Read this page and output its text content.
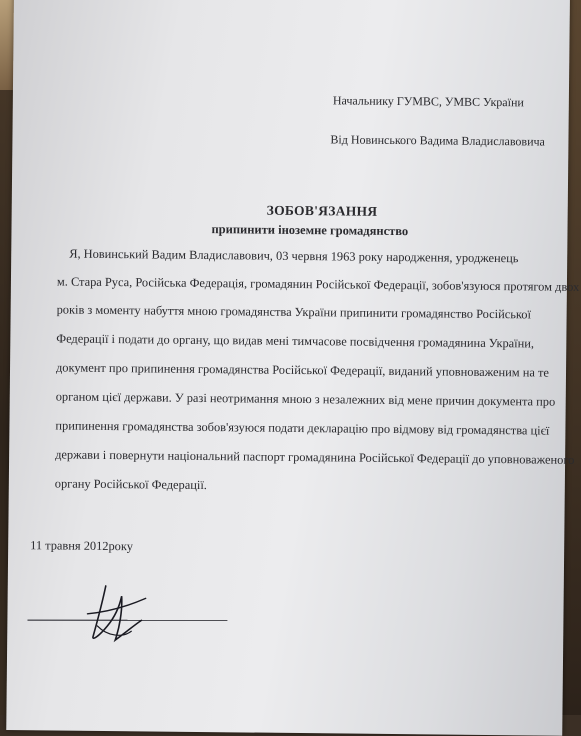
Начальнику ГУМВС, УМВС України
Від Новинського Вадима Владиславовича
ЗОБОВ'ЯЗАННЯ
припинити іноземне громадянство
Я, Новинський Вадим Владиславович, 03 червня 1963 року народження, уродженець
м. Стара Руса, Російська Федерація, громадянин Російської Федерації, зобов'язуюся протягом двох
років з моменту набуття мною громадянства України припинити громадянство Російської
Федерації і подати до органу, що видав мені тимчасове посвідчення громадянина України,
документ про припинення громадянства Російської Федерації, виданий уповноваженим на те
органом цієї держави. У разі неотримання мною з незалежних від мене причин документа про
припинення громадянства зобов'язуюся подати декларацію про відмову від громадянства цієї
держави і повернути національний паспорт громадянина Російської Федерації до уповноваженого
органу Російської Федерації.
11 травня 2012року
